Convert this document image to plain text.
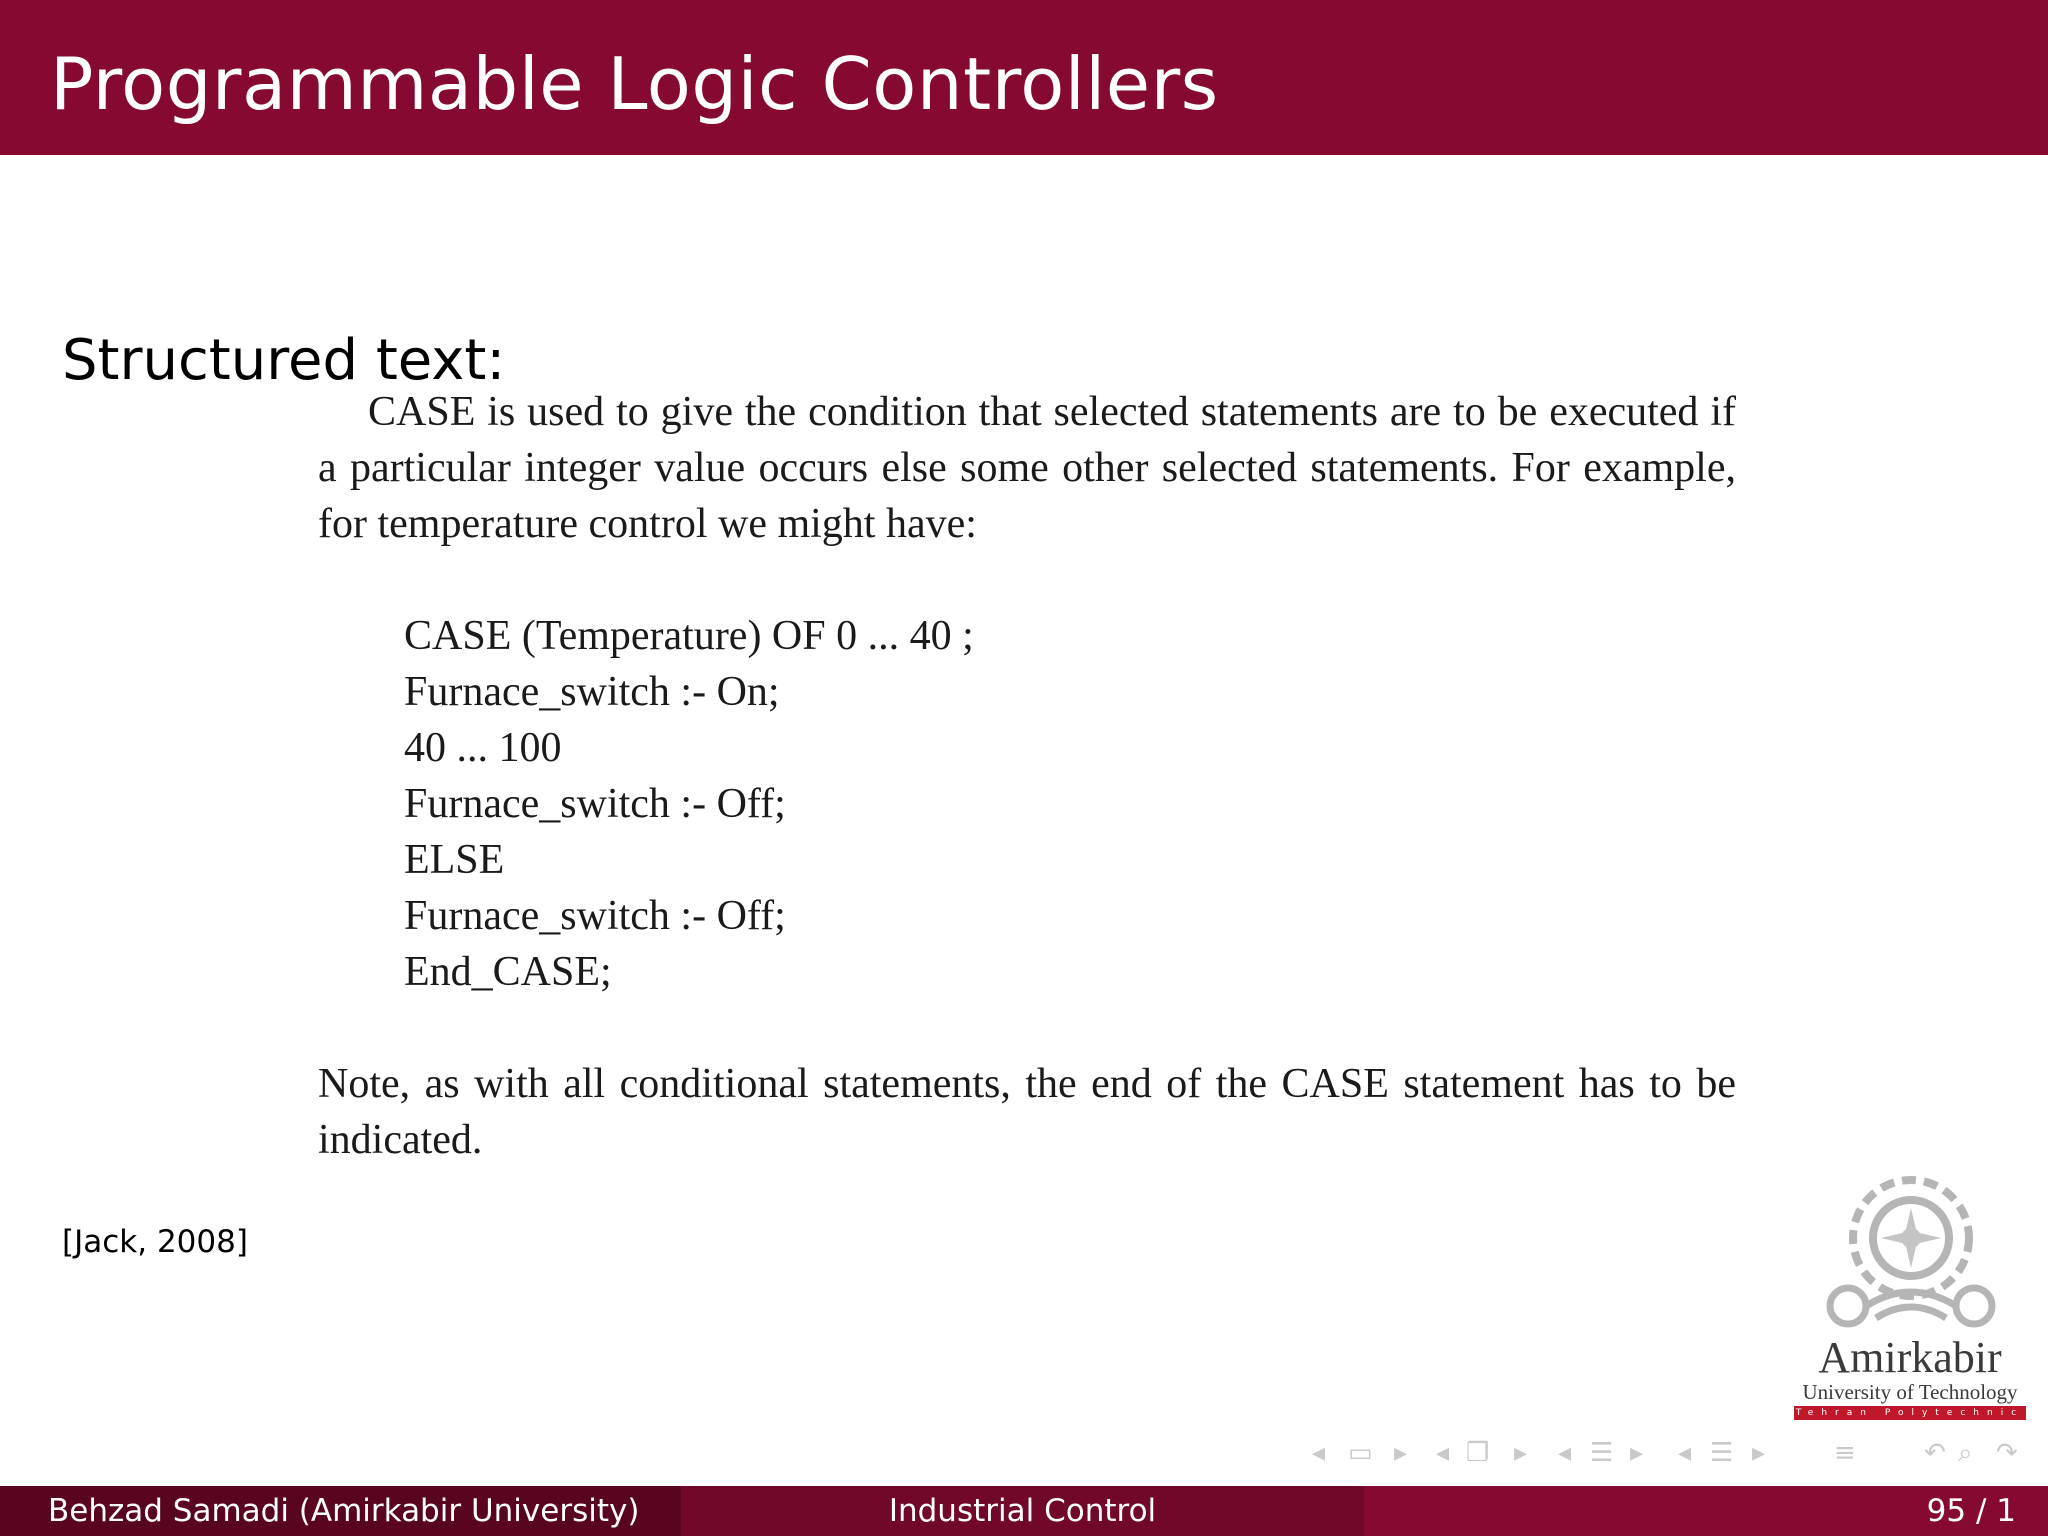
Programmable Logic Controllers
Structured text:

CASE is used to give the condition that selected statements are to be executed if a particular integer value occurs else some other selected statements. For example, for temperature control we might have:

CASE (Temperature) OF 0 ... 40 ;
Furnace_switch :- On;
40 ... 100
Furnace_switch :- Off;
ELSE
Furnace_switch :- Off;
End_CASE;

Note, as with all conditional statements, the end of the CASE statement has to be indicated.

[Jack, 2008]
Amirkabir
University of Technology
Tehran Polytechnic
◂ ▭ ▸ ◂ ❐ ▸ ◂ ☰ ▸ ◂ ☰ ▸	≡	↶ ⌕ ↷
Behzad Samadi (Amirkabir University)	Industrial Control	95 / 1
